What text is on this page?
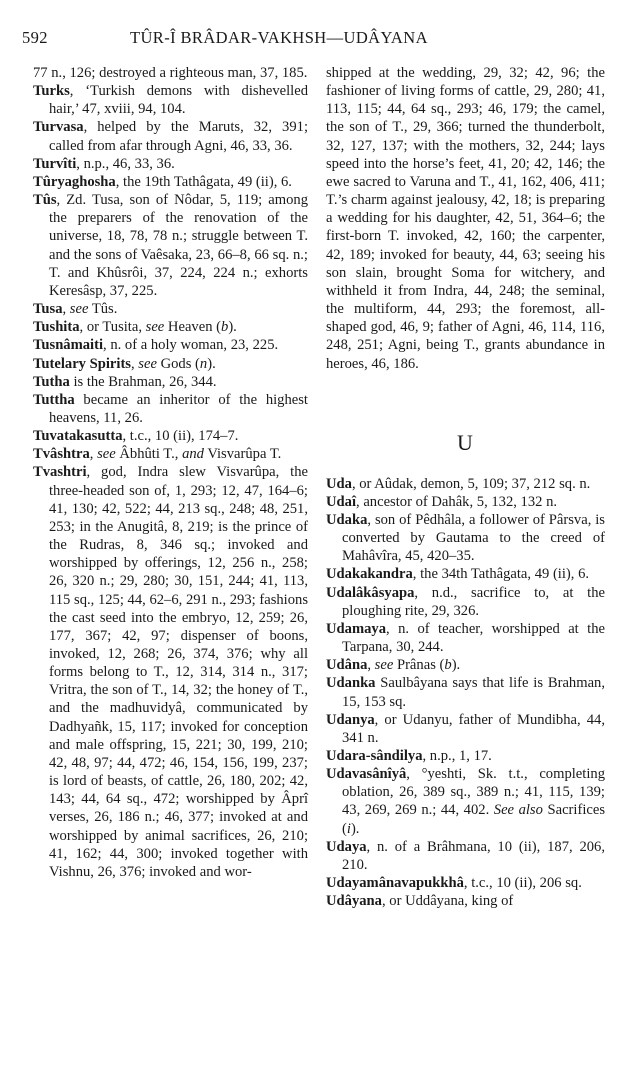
592	TÛR-Î BRÂDAR-VAKHSH—UDÂYANA
77 n., 126; destroyed a righteous man, 37, 185.
Turks, ‘Turkish demons with dishevelled hair,’ 47, xviii, 94, 104.
Turvasa, helped by the Maruts, 32, 391; called from afar through Agni, 46, 33, 36.
Turvîti, n.p., 46, 33, 36.
Tûryaghosha, the 19th Tathâgata, 49 (ii), 6.
Tûs, Zd. Tusa, son of Nôdar, 5, 119; among the preparers of the renovation of the universe, 18, 78, 78 n.; struggle between T. and the sons of Vaêsaka, 23, 66–8, 66 sq. n.; T. and Khûsrôi, 37, 224, 224 n.; exhorts Keresâsp, 37, 225.
Tusa, see Tûs.
Tushita, or Tusita, see Heaven (b).
Tusnâmaiti, n. of a holy woman, 23, 225.
Tutelary Spirits, see Gods (n).
Tutha is the Brahman, 26, 344.
Tuttha became an inheritor of the highest heavens, 11, 26.
Tuvatakasutta, t.c., 10 (ii), 174–7.
Tvâshtra, see Âbhûti T., and Visvarûpa T.
Tvashtri, god, Indra slew Visvarûpa, the three-headed son of, 1, 293; 12, 47, 164–6; 41, 130; 42, 522; 44, 213 sq., 248; 48, 251, 253; in the Anugitâ, 8, 219; is the prince of the Rudras, 8, 346 sq.; invoked and worshipped by offerings, 12, 256 n., 258; 26, 320 n.; 29, 280; 30, 151, 244; 41, 113, 115 sq., 125; 44, 62–6, 291 n., 293; fashions the cast seed into the embryo, 12, 259; 26, 177, 367; 42, 97; dispenser of boons, invoked, 12, 268; 26, 374, 376; why all forms belong to T., 12, 314, 314 n., 317; Vritra, the son of T., 14, 32; the honey of T., and the madhuvidyâ, communicated by Dadhyañk, 15, 117; invoked for conception and male offspring, 15, 221; 30, 199, 210; 42, 48, 97; 44, 472; 46, 154, 156, 199, 237; is lord of beasts, of cattle, 26, 180, 202; 42, 143; 44, 64 sq., 472; worshipped by Âprî verses, 26, 186 n.; 46, 377; invoked at and worshipped by animal sacrifices, 26, 210; 41, 162; 44, 300; invoked together with Vishnu, 26, 376; invoked and wor-
shipped at the wedding, 29, 32; 42, 96; the fashioner of living forms of cattle, 29, 280; 41, 113, 115; 44, 64 sq., 293; 46, 179; the camel, the son of T., 29, 366; turned the thunderbolt, 32, 127, 137; with the mothers, 32, 244; lays speed into the horse’s feet, 41, 20; 42, 146; the ewe sacred to Varuna and T., 41, 162, 406, 411; T.’s charm against jealousy, 42, 18; is preparing a wedding for his daughter, 42, 51, 364–6; the first-born T. invoked, 42, 160; the carpenter, 42, 189; invoked for beauty, 44, 63; seeing his son slain, brought Soma for witchery, and withheld it from Indra, 44, 248; the seminal, the multiform, 44, 293; the foremost, all-shaped god, 46, 9; father of Agni, 46, 114, 116, 248, 251; Agni, being T., grants abundance in heroes, 46, 186.
U
Uda, or Aûdak, demon, 5, 109; 37, 212 sq. n.
Udaî, ancestor of Dahâk, 5, 132, 132 n.
Udaka, son of Pêdhâla, a follower of Pârsva, is converted by Gautama to the creed of Mahâvîra, 45, 420–35.
Udakakandra, the 34th Tathâgata, 49 (ii), 6.
Udalâkâsyapa, n.d., sacrifice to, at the ploughing rite, 29, 326.
Udamaya, n. of teacher, worshipped at the Tarpana, 30, 244.
Udâna, see Prânas (b).
Udanka Saulbâyana says that life is Brahman, 15, 153 sq.
Udanya, or Udanyu, father of Mundibha, 44, 341 n.
Udara-sândilya, n.p., 1, 17.
Udavasânîyâ, °yeshti, Sk. t.t., completing oblation, 26, 389 sq., 389 n.; 41, 115, 139; 43, 269, 269 n.; 44, 402. See also Sacrifices (i).
Udaya, n. of a Brâhmana, 10 (ii), 187, 206, 210.
Udayamânavapukkhâ, t.c., 10 (ii), 206 sq.
Udâyana, or Uddâyana, king of
